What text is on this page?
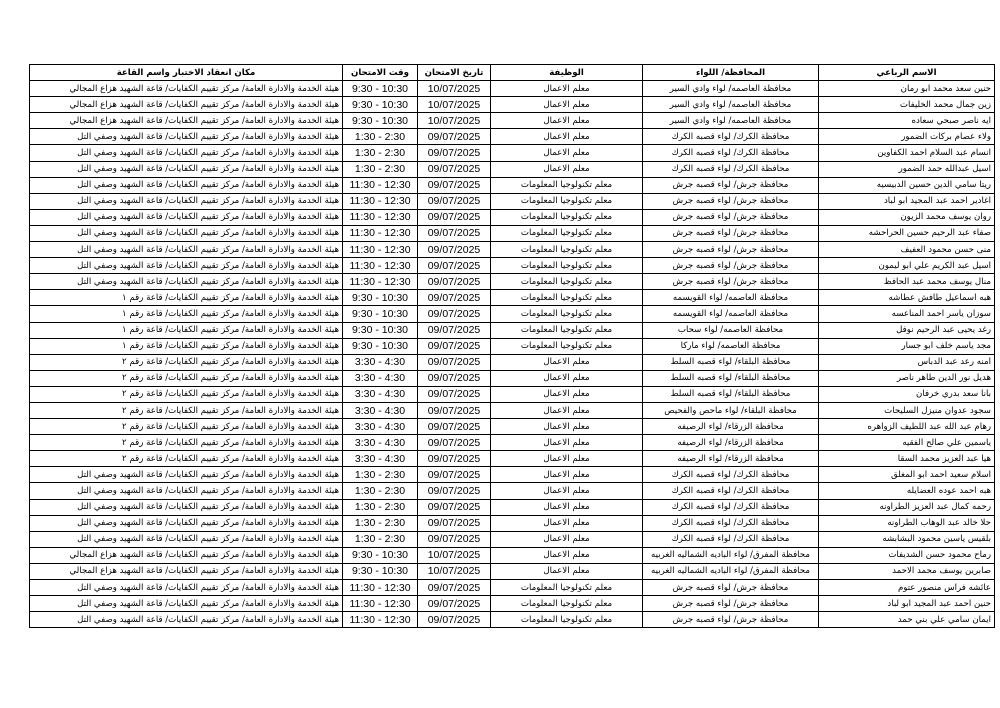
مكان انعقاد الاختبار واسم القاعة	وقت الامتحان	تاريخ الامتحان	الوظيفة	المحافظة/ اللواء	الاسم الرباعي
هيئة الخدمة والادارة العامة/ مركز تقييم الكفايات/ قاعة الشهيد هزاع المجالي	9:30 - 10:30	10/07/2025	معلم الاعمال	محافظة العاصمه/ لواء وادي السير	حنين سعد محمد ابو رمان
هيئة الخدمة والادارة العامة/ مركز تقييم الكفايات/ قاعة الشهيد هزاع المجالي	9:30 - 10:30	10/07/2025	معلم الاعمال	محافظة العاصمه/ لواء وادي السير	زين جمال محمد الخليفات
هيئة الخدمة والادارة العامة/ مركز تقييم الكفايات/ قاعة الشهيد هزاع المجالي	9:30 - 10:30	10/07/2025	معلم الاعمال	محافظة العاصمه/ لواء وادي السير	ايه ناصر صبحي سعاده
هيئة الخدمة والادارة العامة/ مركز تقييم الكفايات/ قاعة الشهيد وصفي التل	1:30 - 2:30	09/07/2025	معلم الاعمال	محافظة الكرك/ لواء قصبه الكرك	ولاء عصام بركات الضمور
هيئة الخدمة والادارة العامة/ مركز تقييم الكفايات/ قاعة الشهيد وصفي التل	1:30 - 2:30	09/07/2025	معلم الاعمال	محافظة الكرك/ لواء قصبه الكرك	انسام عبد السلام احمد الكفاوين
هيئة الخدمة والادارة العامة/ مركز تقييم الكفايات/ قاعة الشهيد وصفي التل	1:30 - 2:30	09/07/2025	معلم الاعمال	محافظة الكرك/ لواء قصبه الكرك	اسيل عبدالله حمد الضمور
هيئة الخدمة والادارة العامة/ مركز تقييم الكفايات/ قاعة الشهيد وصفي التل	11:30 - 12:30	09/07/2025	معلم تكنولوجيا المعلومات	محافظة جرش/ لواء قصبه جرش	ريتا سامي الدين حسين الدبيسيه
هيئة الخدمة والادارة العامة/ مركز تقييم الكفايات/ قاعة الشهيد وصفي التل	11:30 - 12:30	09/07/2025	معلم تكنولوجيا المعلومات	محافظة جرش/ لواء قصبه جرش	اغادير احمد عبد المجيد ابو لباد
هيئة الخدمة والادارة العامة/ مركز تقييم الكفايات/ قاعة الشهيد وصفي التل	11:30 - 12:30	09/07/2025	معلم تكنولوجيا المعلومات	محافظة جرش/ لواء قصبه جرش	روان يوسف محمد الزيون
هيئة الخدمة والادارة العامة/ مركز تقييم الكفايات/ قاعة الشهيد وصفي التل	11:30 - 12:30	09/07/2025	معلم تكنولوجيا المعلومات	محافظة جرش/ لواء قصبه جرش	صفاء عبد الرحيم حسين الحراحشه
هيئة الخدمة والادارة العامة/ مركز تقييم الكفايات/ قاعة الشهيد وصفي التل	11:30 - 12:30	09/07/2025	معلم تكنولوجيا المعلومات	محافظة جرش/ لواء قصبه جرش	منى حسن محمود العفيف
هيئة الخدمة والادارة العامة/ مركز تقييم الكفايات/ قاعة الشهيد وصفي التل	11:30 - 12:30	09/07/2025	معلم تكنولوجيا المعلومات	محافظة جرش/ لواء قصبه جرش	اسيل عبد الكريم علي ابو ليمون
هيئة الخدمة والادارة العامة/ مركز تقييم الكفايات/ قاعة الشهيد وصفي التل	11:30 - 12:30	09/07/2025	معلم تكنولوجيا المعلومات	محافظة جرش/ لواء قصبه جرش	منال يوسف محمد عبد الحافظ
هيئة الخدمة والادارة العامة/ مركز تقييم الكفايات/ قاعة رقم ١	9:30 - 10:30	09/07/2025	معلم تكنولوجيا المعلومات	محافظة العاصمه/ لواء القويسمه	هبه اسماعيل طافش عطاشه
هيئة الخدمة والادارة العامة/ مركز تقييم الكفايات/ قاعة رقم ١	9:30 - 10:30	09/07/2025	معلم تكنولوجيا المعلومات	محافظة العاصمه/ لواء القويسمه	سوزان ياسر احمد المناعسه
هيئة الخدمة والادارة العامة/ مركز تقييم الكفايات/ قاعة رقم ١	9:30 - 10:30	09/07/2025	معلم تكنولوجيا المعلومات	محافظة العاصمه/ لواء سحاب	رغد يحيى عبد الرحيم نوفل
هيئة الخدمة والادارة العامة/ مركز تقييم الكفايات/ قاعة رقم ١	9:30 - 10:30	09/07/2025	معلم تكنولوجيا المعلومات	محافظة العاصمه/ لواء ماركا	مجد ياسم خلف ابو جسار
هيئة الخدمة والادارة العامة/ مركز تقييم الكفايات/ قاعة رقم ٢	3:30 - 4:30	09/07/2025	معلم الاعمال	محافظة البلقاء/ لواء قصبه السلط	امنه رعد عبد الدباس
هيئة الخدمة والادارة العامة/ مركز تقييم الكفايات/ قاعة رقم ٢	3:30 - 4:30	09/07/2025	معلم الاعمال	محافظة البلقاء/ لواء قصبه السلط	هديل نور الدين طاهر ناصر
هيئة الخدمة والادارة العامة/ مركز تقييم الكفايات/ قاعة رقم ٢	3:30 - 4:30	09/07/2025	معلم الاعمال	محافظة البلقاء/ لواء قصبه السلط	بانا سعد بدري خرفان
هيئة الخدمة والادارة العامة/ مركز تقييم الكفايات/ قاعة رقم ٢	3:30 - 4:30	09/07/2025	معلم الاعمال	محافظة البلقاء/ لواء ماحص والفحيص	سجود عدوان منيزل السليحات
هيئة الخدمة والادارة العامة/ مركز تقييم الكفايات/ قاعة رقم ٢	3:30 - 4:30	09/07/2025	معلم الاعمال	محافظة الزرقاء/ لواء الرصيفه	رهام عبد الله عبد اللطيف الزواهره
هيئة الخدمة والادارة العامة/ مركز تقييم الكفايات/ قاعة رقم ٢	3:30 - 4:30	09/07/2025	معلم الاعمال	محافظة الزرقاء/ لواء الرصيفه	ياسمين علي صالح الفقيه
هيئة الخدمة والادارة العامة/ مركز تقييم الكفايات/ قاعة رقم ٢	3:30 - 4:30	09/07/2025	معلم الاعمال	محافظة الزرقاء/ لواء الرصيفه	هيا عبد العزيز محمد السقا
هيئة الخدمة والادارة العامة/ مركز تقييم الكفايات/ قاعة الشهيد وصفي التل	1:30 - 2:30	09/07/2025	معلم الاعمال	محافظة الكرك/ لواء قصبه الكرك	اسلام سعيد احمد ابو المغلق
هيئة الخدمة والادارة العامة/ مركز تقييم الكفايات/ قاعة الشهيد وصفي التل	1:30 - 2:30	09/07/2025	معلم الاعمال	محافظة الكرك/ لواء قصبه الكرك	هبه احمد عوده العضايله
هيئة الخدمة والادارة العامة/ مركز تقييم الكفايات/ قاعة الشهيد وصفي التل	1:30 - 2:30	09/07/2025	معلم الاعمال	محافظة الكرك/ لواء قصبه الكرك	رحمه كمال عبد العزيز الطراونه
هيئة الخدمة والادارة العامة/ مركز تقييم الكفايات/ قاعة الشهيد وصفي التل	1:30 - 2:30	09/07/2025	معلم الاعمال	محافظة الكرك/ لواء قصبه الكرك	حلا خالد عبد الوهاب الطراونه
هيئة الخدمة والادارة العامة/ مركز تقييم الكفايات/ قاعة الشهيد وصفي التل	1:30 - 2:30	09/07/2025	معلم الاعمال	محافظة الكرك/ لواء قصبه الكرك	بلقيس ياسين محمود البشابشه
هيئة الخدمة والادارة العامة/ مركز تقييم الكفايات/ قاعة الشهيد هزاع المجالي	9:30 - 10:30	10/07/2025	معلم الاعمال	محافظة المفرق/ لواء الباديه الشماليه الغربيه	رماح محمود حسن الشديفات
هيئة الخدمة والادارة العامة/ مركز تقييم الكفايات/ قاعة الشهيد هزاع المجالي	9:30 - 10:30	10/07/2025	معلم الاعمال	محافظة المفرق/ لواء الباديه الشماليه الغربيه	صابرين يوسف محمد الاحمد
هيئة الخدمة والادارة العامة/ مركز تقييم الكفايات/ قاعة الشهيد وصفي التل	11:30 - 12:30	09/07/2025	معلم تكنولوجيا المعلومات	محافظة جرش/ لواء قصبه جرش	عائشه فراس منصور عتوم
هيئة الخدمة والادارة العامة/ مركز تقييم الكفايات/ قاعة الشهيد وصفي التل	11:30 - 12:30	09/07/2025	معلم تكنولوجيا المعلومات	محافظة جرش/ لواء قصبه جرش	حنين احمد عبد المجيد ابو لباد
هيئة الخدمة والادارة العامة/ مركز تقييم الكفايات/ قاعة الشهيد وصفي التل	11:30 - 12:30	09/07/2025	معلم تكنولوجيا المعلومات	محافظة جرش/ لواء قصبه جرش	ايمان سامي علي بني حمد
